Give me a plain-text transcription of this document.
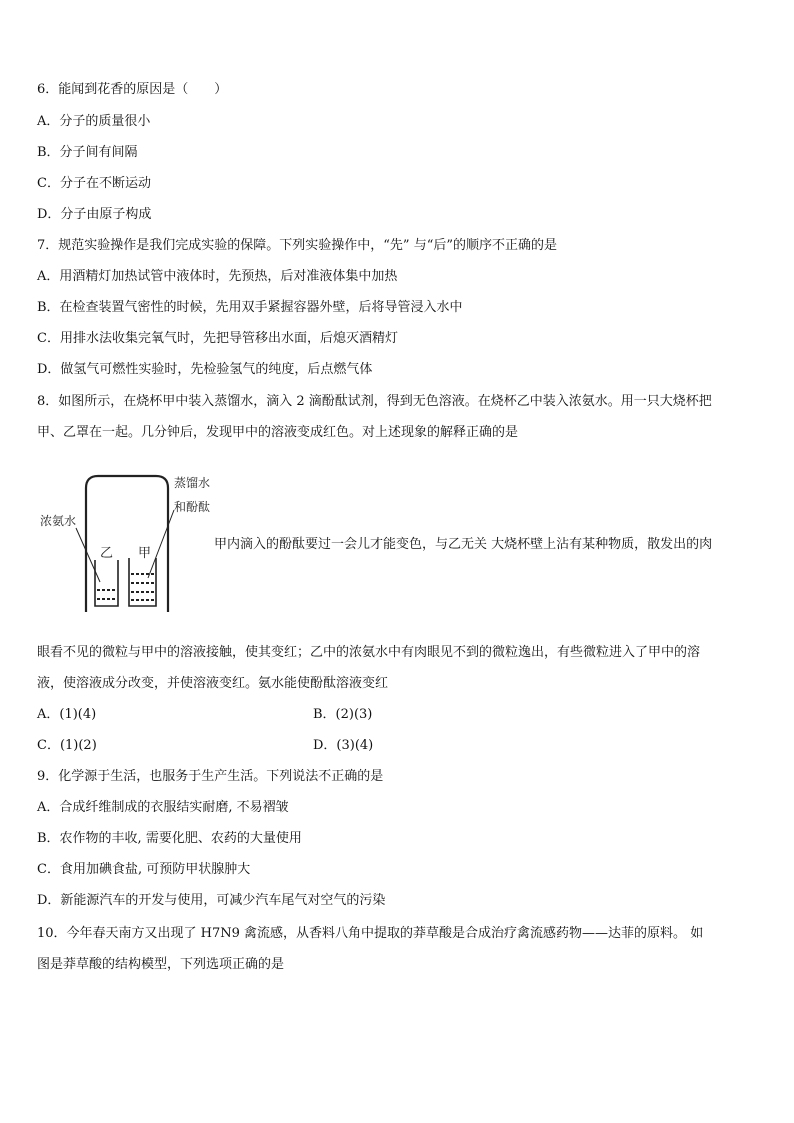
6．能闻到花香的原因是（　　）
A．分子的质量很小
B．分子间有间隔
C．分子在不断运动
D．分子由原子构成
7．规范实验操作是我们完成实验的保障。下列实验操作中，“先” 与“后”的顺序不正确的是
A．用酒精灯加热试管中液体时，先预热，后对准液体集中加热
B．在检查装置气密性的时候，先用双手紧握容器外壁，后将导管浸入水中
C．用排水法收集完氧气时，先把导管移出水面，后熄灭酒精灯
D．做氢气可燃性实验时，先检验氢气的纯度，后点燃气体
8．如图所示，在烧杯甲中装入蒸馏水，滴入 2 滴酚酞试剂，得到无色溶液。在烧杯乙中装入浓氨水。用一只大烧杯把
甲、乙罩在一起。几分钟后，发现甲中的溶液变成红色。对上述现象的解释正确的是
浓氨水
蒸馏水
和酚酞
乙 甲
甲内滴入的酚酞要过一会儿才能变色，与乙无关 大烧杯壁上沾有某种物质，散发出的肉
眼看不见的微粒与甲中的溶液接触，使其变红；乙中的浓氨水中有肉眼见不到的微粒逸出，有些微粒进入了甲中的溶
液，使溶液成分改变，并使溶液变红。氨水能使酚酞溶液变红
A．(1)(4)	B．(2)(3)
C．(1)(2)	D．(3)(4)
9．化学源于生活，也服务于生产生活。下列说法不正确的是
A．合成纤维制成的衣服结实耐磨, 不易褶皱
B．农作物的丰收, 需要化肥、农药的大量使用
C．食用加碘食盐, 可预防甲状腺肿大
D．新能源汽车的开发与使用，可减少汽车尾气对空气的污染
10．今年春天南方又出现了 H7N9 禽流感，从香料八角中提取的莽草酸是合成治疗禽流感药物——达菲的原料。 如
图是莽草酸的结构模型，下列选项正确的是
